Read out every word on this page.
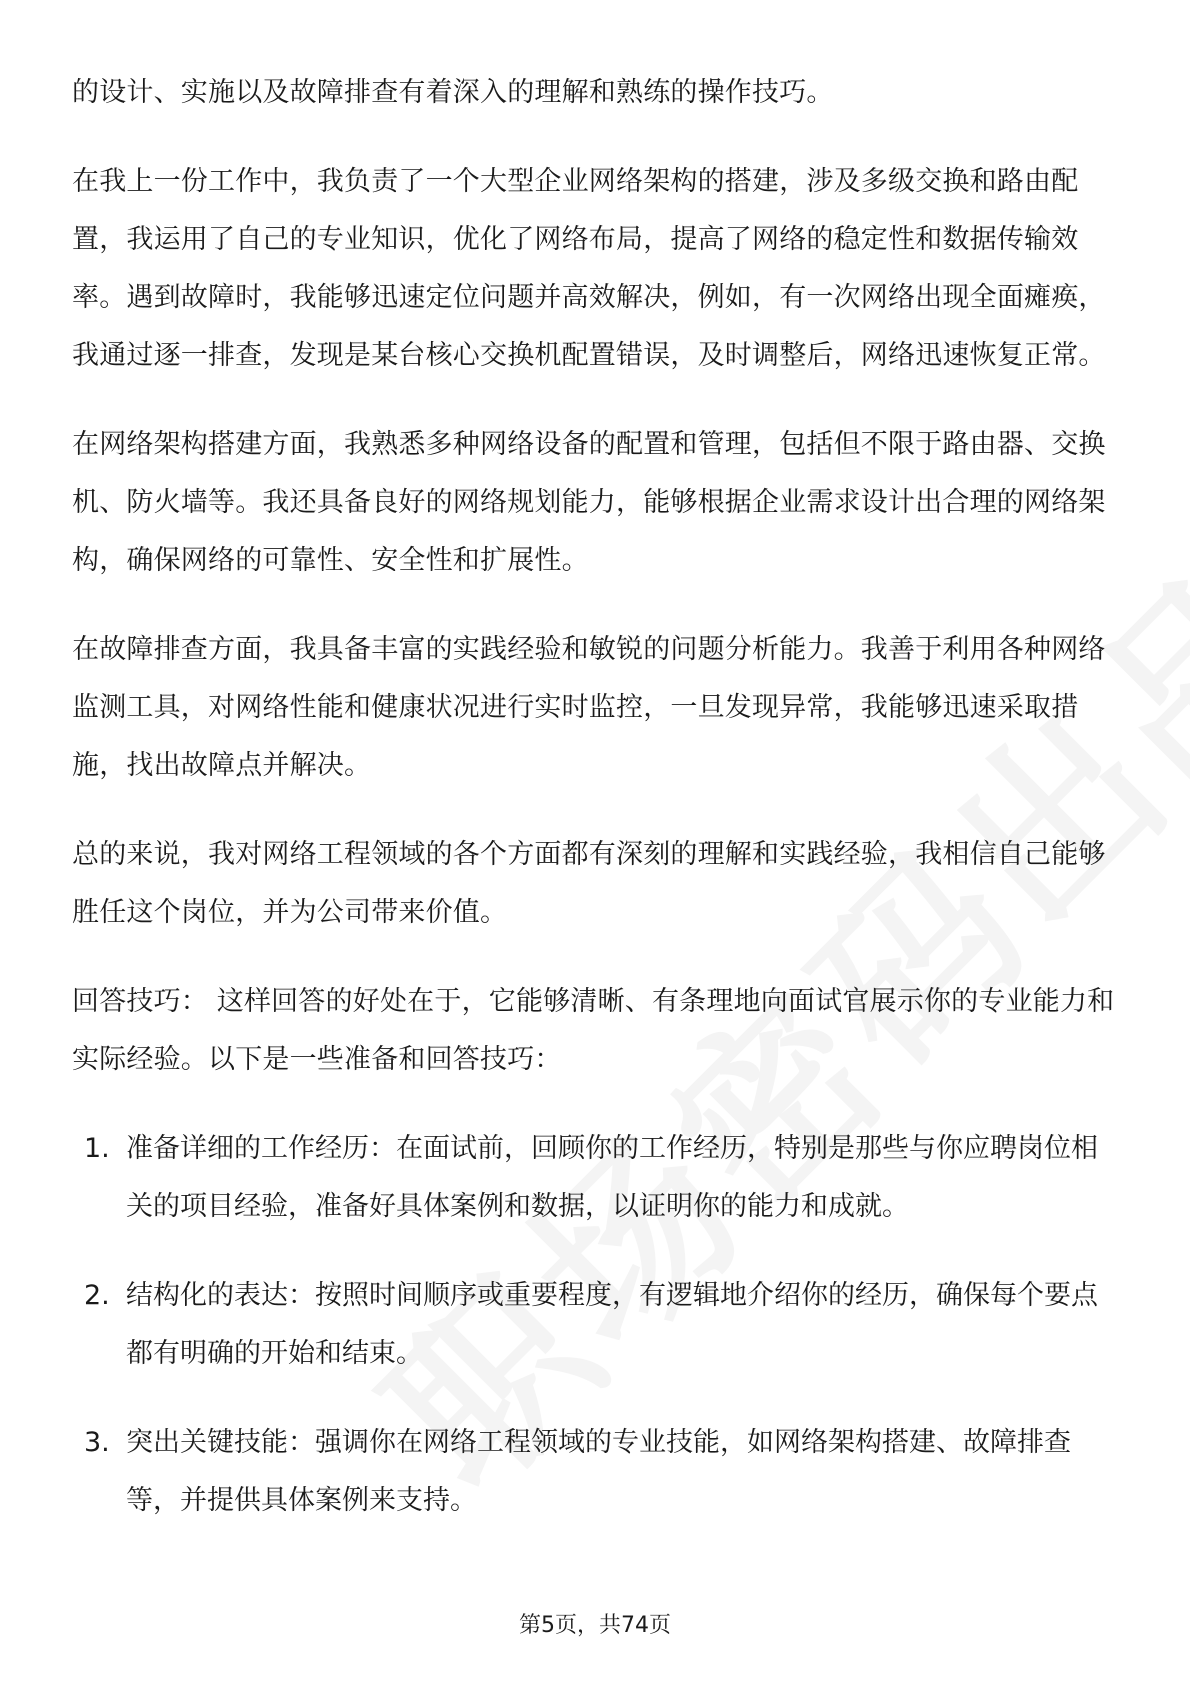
的设计、实施以及故障排查有着深入的理解和熟练的操作技巧。

在我上一份工作中，我负责了一个大型企业网络架构的搭建，涉及多级交换和路由配置，我运用了自己的专业知识，优化了网络布局，提高了网络的稳定性和数据传输效率。遇到故障时，我能够迅速定位问题并高效解决，例如，有一次网络出现全面瘫痪，我通过逐一排查，发现是某台核心交换机配置错误，及时调整后，网络迅速恢复正常。

在网络架构搭建方面，我熟悉多种网络设备的配置和管理，包括但不限于路由器、交换机、防火墙等。我还具备良好的网络规划能力，能够根据企业需求设计出合理的网络架构，确保网络的可靠性、安全性和扩展性。

在故障排查方面，我具备丰富的实践经验和敏锐的问题分析能力。我善于利用各种网络监测工具，对网络性能和健康状况进行实时监控，一旦发现异常，我能够迅速采取措施，找出故障点并解决。

总的来说，我对网络工程领域的各个方面都有深刻的理解和实践经验，我相信自己能够胜任这个岗位，并为公司带来价值。

回答技巧： 这样回答的好处在于，它能够清晰、有条理地向面试官展示你的专业能力和实际经验。以下是一些准备和回答技巧：

1. 准备详细的工作经历：在面试前，回顾你的工作经历，特别是那些与你应聘岗位相关的项目经验，准备好具体案例和数据，以证明你的能力和成就。
2. 结构化的表达：按照时间顺序或重要程度，有逻辑地介绍你的经历，确保每个要点都有明确的开始和结束。
3. 突出关键技能：强调你在网络工程领域的专业技能，如网络架构搭建、故障排查等，并提供具体案例来支持。
第5页，共74页
